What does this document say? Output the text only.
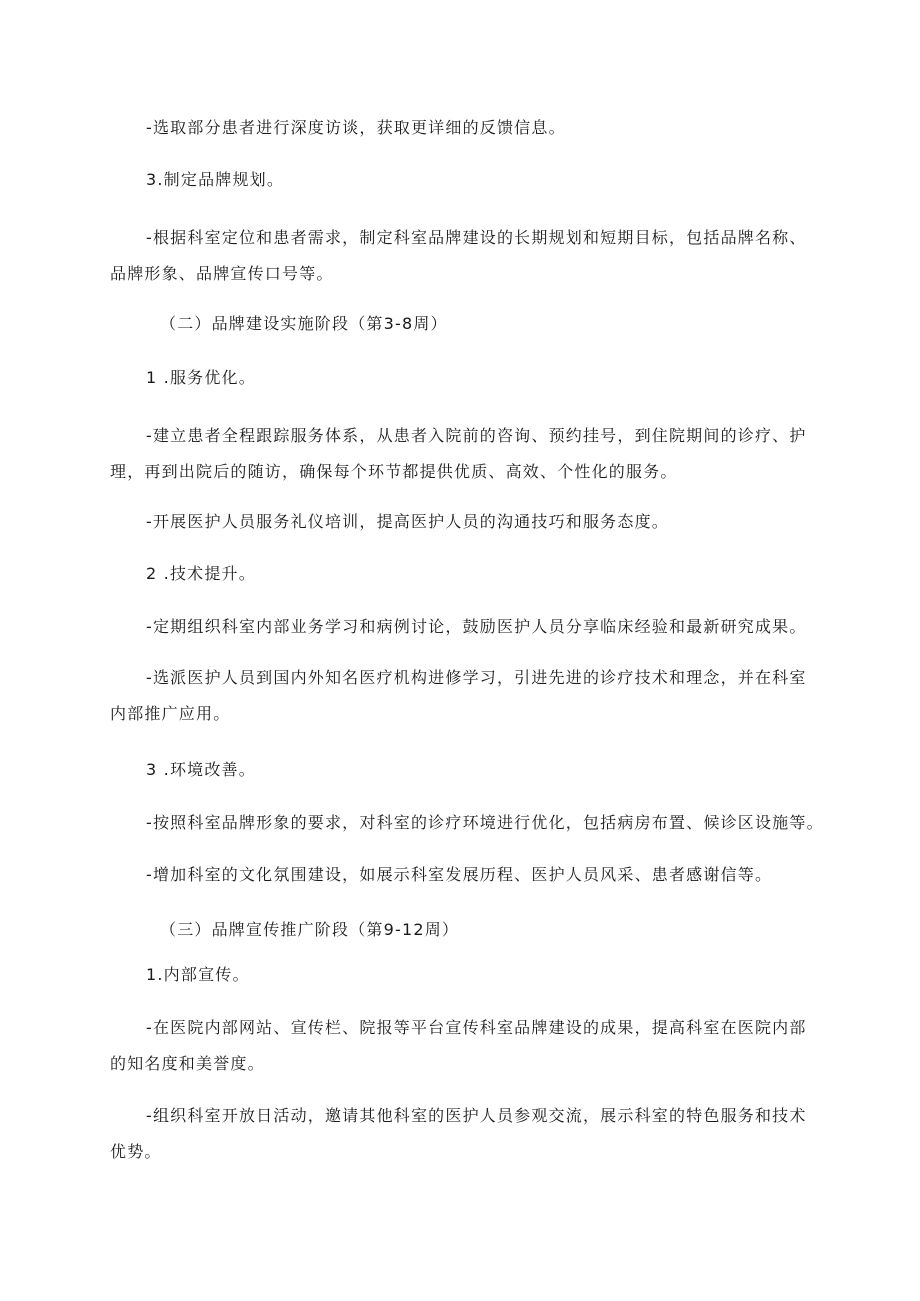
-选取部分患者进行深度访谈，获取更详细的反馈信息。

3.制定品牌规划。

-根据科室定位和患者需求，制定科室品牌建设的长期规划和短期目标，包括品牌名称、
品牌形象、品牌宣传口号等。

（二）品牌建设实施阶段（第3-8周）

1 .服务优化。

-建立患者全程跟踪服务体系，从患者入院前的咨询、预约挂号，到住院期间的诊疗、护
理，再到出院后的随访，确保每个环节都提供优质、高效、个性化的服务。

-开展医护人员服务礼仪培训，提高医护人员的沟通技巧和服务态度。

2 .技术提升。

-定期组织科室内部业务学习和病例讨论，鼓励医护人员分享临床经验和最新研究成果。

-选派医护人员到国内外知名医疗机构进修学习，引进先进的诊疗技术和理念，并在科室
内部推广应用。

3 .环境改善。

-按照科室品牌形象的要求，对科室的诊疗环境进行优化，包括病房布置、候诊区设施等。

-增加科室的文化氛围建设，如展示科室发展历程、医护人员风采、患者感谢信等。

（三）品牌宣传推广阶段（第9-12周）

1.内部宣传。

-在医院内部网站、宣传栏、院报等平台宣传科室品牌建设的成果，提高科室在医院内部
的知名度和美誉度。
-组织科室开放日活动，邀请其他科室的医护人员参观交流，展示科室的特色服务和技术
优势。
